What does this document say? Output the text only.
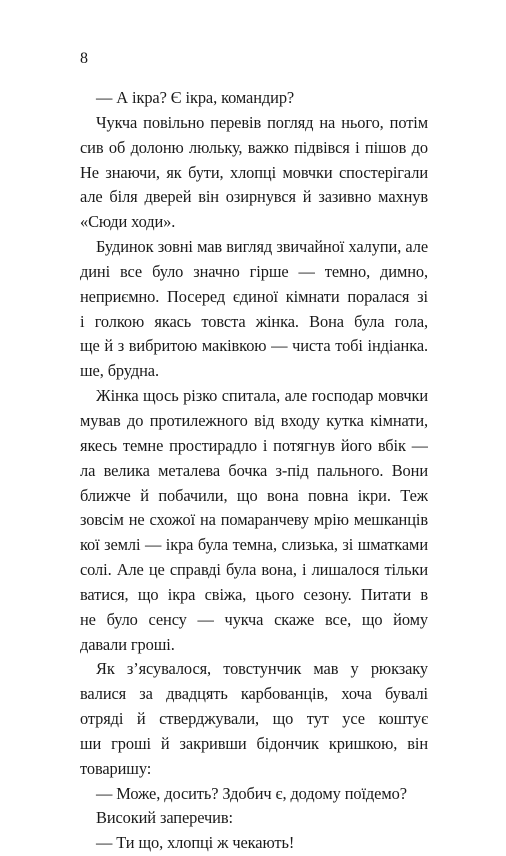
8
— А ікра? Є ікра, командир?
Чукча повільно перевів погляд на нього, потім
сив об долоню люльку, важко підвівся і пішов до
Не знаючи, як бути, хлопці мовчки спостерігали
але біля дверей він озирнувся й зазивно махнув
«Сюди ходи».
Будинок зовні мав вигляд звичайної халупи, але
дині все було значно гірше — темно, димно,
неприємно. Посеред єдиної кімнати поралася зі
і голкою якась товста жінка. Вона була гола,
ще й з вибритою маківкою — чиста тобі індіанка.
ше, брудна.
Жінка щось різко спитала, але господар мовчки
мував до протилежного від входу кутка кімнати,
якесь темне простирадло і потягнув його вбік —
ла велика металева бочка з-під пального. Вони
ближче й побачили, що вона повна ікри. Теж
зовсім не схожої на помаранчеву мрію мешканців
кої землі — ікра була темна, слизька, зі шматками
солі. Але це справді була вона, і лишалося тільки
ватися, що ікра свіжа, цього сезону. Питати в
не було сенсу — чукча скаже все, що йому
давали гроші.
Як з’ясувалося, товстунчик мав у рюкзаку
валися за двадцять карбованців, хоча бувалі
отряді й стверджували, що тут усе коштує
ши гроші й закривши бідончик кришкою, він
товаришу:
— Може, досить? Здобич є, додому поїдемо?
Високий заперечив:
— Ти що, хлопці ж чекають!
